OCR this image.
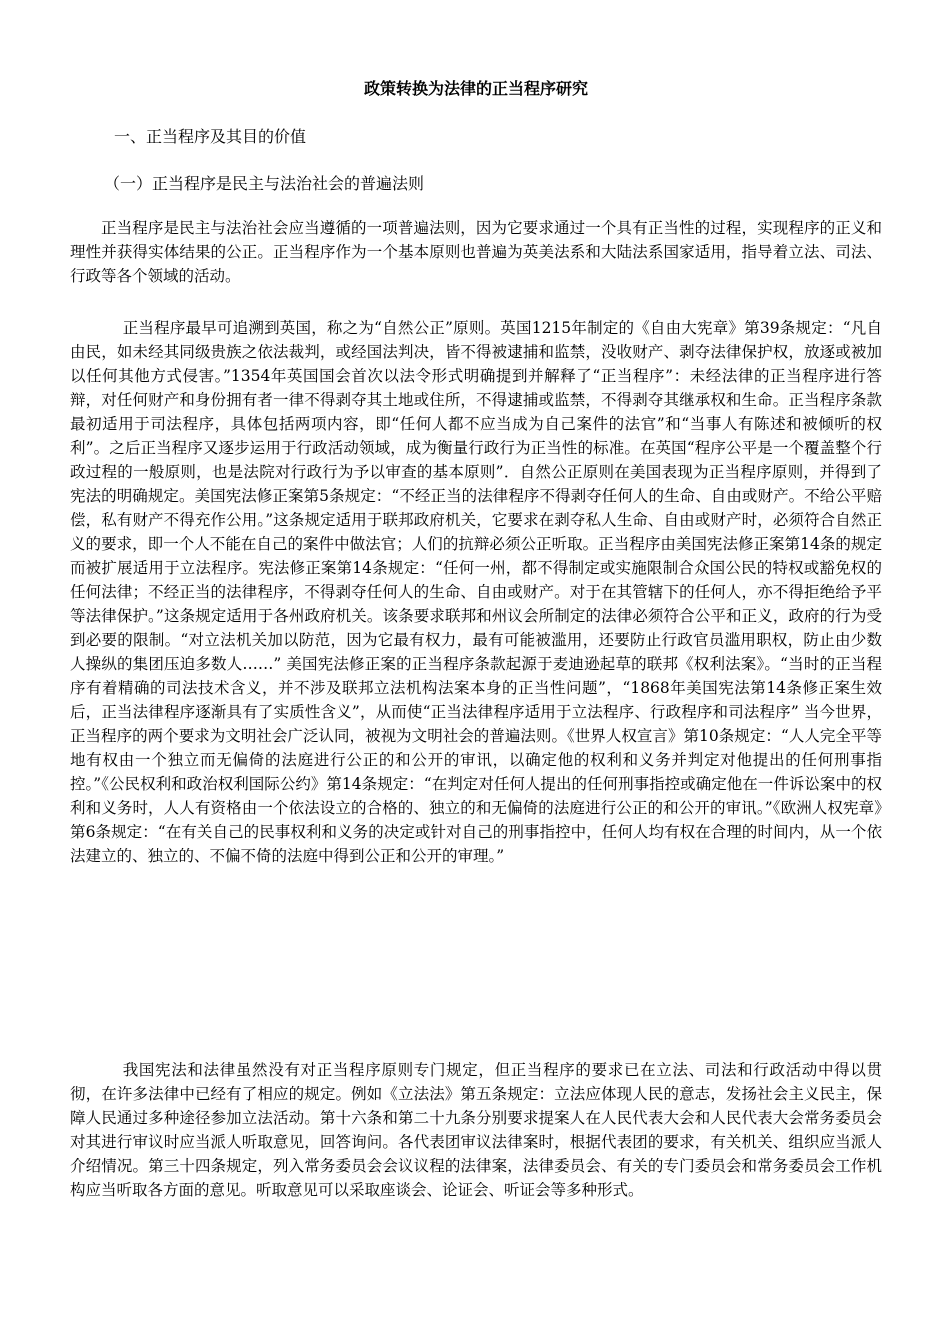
政策转换为法律的正当程序研究
一、正当程序及其目的价值
（一）正当程序是民主与法治社会的普遍法则

正当程序是民主与法治社会应当遵循的一项普遍法则，因为它要求通过一个具有正当性的过程，实现程序的正义和理性并获得实体结果的公正。正当程序作为一个基本原则也普遍为英美法系和大陆法系国家适用，指导着立法、司法、行政等各个领域的活动。

正当程序最早可追溯到英国，称之为“自然公正”原则。英国1215年制定的《自由大宪章》第39条规定：“凡自由民，如未经其同级贵族之依法裁判，或经国法判决，皆不得被逮捕和监禁，没收财产、剥夺法律保护权，放逐或被加以任何其他方式侵害。”1354年英国国会首次以法令形式明确提到并解释了“正当程序”：未经法律的正当程序进行答辩，对任何财产和身份拥有者一律不得剥夺其土地或住所，不得逮捕或监禁，不得剥夺其继承权和生命。正当程序条款最初适用于司法程序，具体包括两项内容，即“任何人都不应当成为自己案件的法官”和“当事人有陈述和被倾听的权利”。之后正当程序又逐步运用于行政活动领域，成为衡量行政行为正当性的标准。在英国“程序公平是一个覆盖整个行政过程的一般原则，也是法院对行政行为予以审查的基本原则”．自然公正原则在美国表现为正当程序原则，并得到了宪法的明确规定。美国宪法修正案第5条规定：“不经正当的法律程序不得剥夺任何人的生命、自由或财产。不给公平赔偿，私有财产不得充作公用。”这条规定适用于联邦政府机关，它要求在剥夺私人生命、自由或财产时，必须符合自然正义的要求，即一个人不能在自己的案件中做法官；人们的抗辩必须公正听取。正当程序由美国宪法修正案第14条的规定而被扩展适用于立法程序。宪法修正案第14条规定：“任何一州，都不得制定或实施限制合众国公民的特权或豁免权的任何法律；不经正当的法律程序，不得剥夺任何人的生命、自由或财产。对于在其管辖下的任何人，亦不得拒绝给予平等法律保护。”这条规定适用于各州政府机关。该条要求联邦和州议会所制定的法律必须符合公平和正义，政府的行为受到必要的限制。“对立法机关加以防范，因为它最有权力，最有可能被滥用，还要防止行政官员滥用职权，防止由少数人操纵的集团压迫多数人……” 美国宪法修正案的正当程序条款起源于麦迪逊起草的联邦《权利法案》。“当时的正当程序有着精确的司法技术含义，并不涉及联邦立法机构法案本身的正当性问题”，“1868年美国宪法第14条修正案生效后，正当法律程序逐渐具有了实质性含义”，从而使“正当法律程序适用于立法程序、行政程序和司法程序” 当今世界，正当程序的两个要求为文明社会广泛认同，被视为文明社会的普遍法则。《世界人权宣言》第10条规定：“人人完全平等地有权由一个独立而无偏倚的法庭进行公正的和公开的审讯，以确定他的权利和义务并判定对他提出的任何刑事指控。”《公民权利和政治权利国际公约》第14条规定：“在判定对任何人提出的任何刑事指控或确定他在一件诉讼案中的权利和义务时，人人有资格由一个依法设立的合格的、独立的和无偏倚的法庭进行公正的和公开的审讯。”《欧洲人权宪章》第6条规定：“在有关自己的民事权利和义务的决定或针对自己的刑事指控中，任何人均有权在合理的时间内，从一个依法建立的、独立的、不偏不倚的法庭中得到公正和公开的审理。”

我国宪法和法律虽然没有对正当程序原则专门规定，但正当程序的要求已在立法、司法和行政活动中得以贯彻，在许多法律中已经有了相应的规定。例如《立法法》第五条规定：立法应体现人民的意志，发扬社会主义民主，保障人民通过多种途径参加立法活动。第十六条和第二十九条分别要求提案人在人民代表大会和人民代表大会常务委员会对其进行审议时应当派人听取意见，回答询问。各代表团审议法律案时，根据代表团的要求，有关机关、组织应当派人介绍情况。第三十四条规定，列入常务委员会会议议程的法律案，法律委员会、有关的专门委员会和常务委员会工作机构应当听取各方面的意见。听取意见可以采取座谈会、论证会、听证会等多种形式。
